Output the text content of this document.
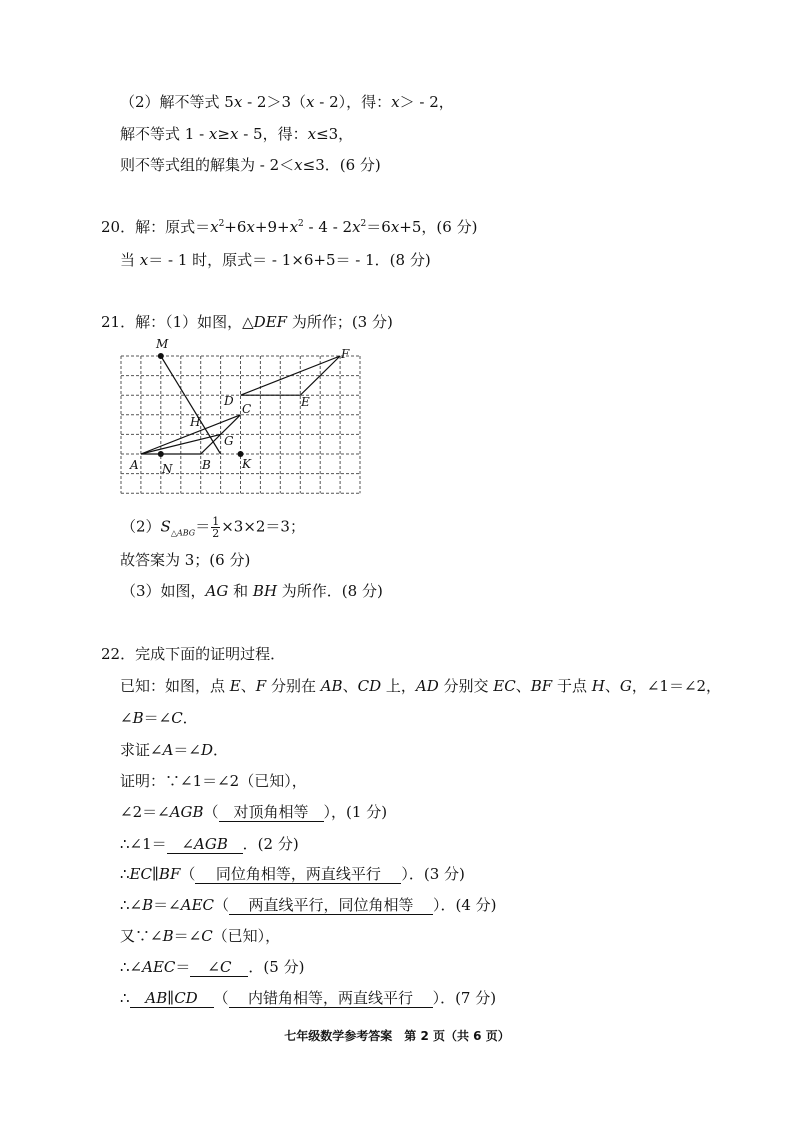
（2）解不等式 5x - 2＞3（x - 2），得：x＞ - 2，
解不等式 1 - x≥x - 5，得：x≤3，
则不等式组的解集为 - 2＜x≤3．(6 分)
20．解：原式$=x^2+6x+9+x^2 - 4 - 2x^2=6x+5$，(6 分)
当 x＝ - 1 时，原式＝ - 1×6+5＝ - 1．(8 分)
21．解：（1）如图，△DEF 为所作；(3 分)
M
F
D	E
C
H
G
A N B	K
$(2)S_{\triangle ABG}= \frac{1}{2} \times 3\times 2=3$；
故答案为 3；(6 分)
（3）如图，AG 和 BH 为所作．(8 分)
22．完成下面的证明过程．
已知：如图，点 E、F 分别在 AB、CD 上，AD 分别交 EC、BF 于点 H、G，∠1＝∠2，
∠B＝∠C．
求证∠A＝∠D．
证明：∵∠1＝∠2（已知），
∠2＝∠AGB（ 对顶角相等 ），(1 分)
∴∠1＝ ∠AGB ．(2 分)
∴EC∥BF（ 同位角相等，两直线平行 ）．(3 分)
∴∠B＝∠AEC（ 两直线平行，同位角相等 ）．(4 分)
又∵∠B＝∠C（已知），
∴∠AEC＝ ∠C ．(5 分)
∴ AB∥CD （ 内错角相等，两直线平行 ）．(7 分)
七年级数学参考答案 第 2 页（共 6 页）
